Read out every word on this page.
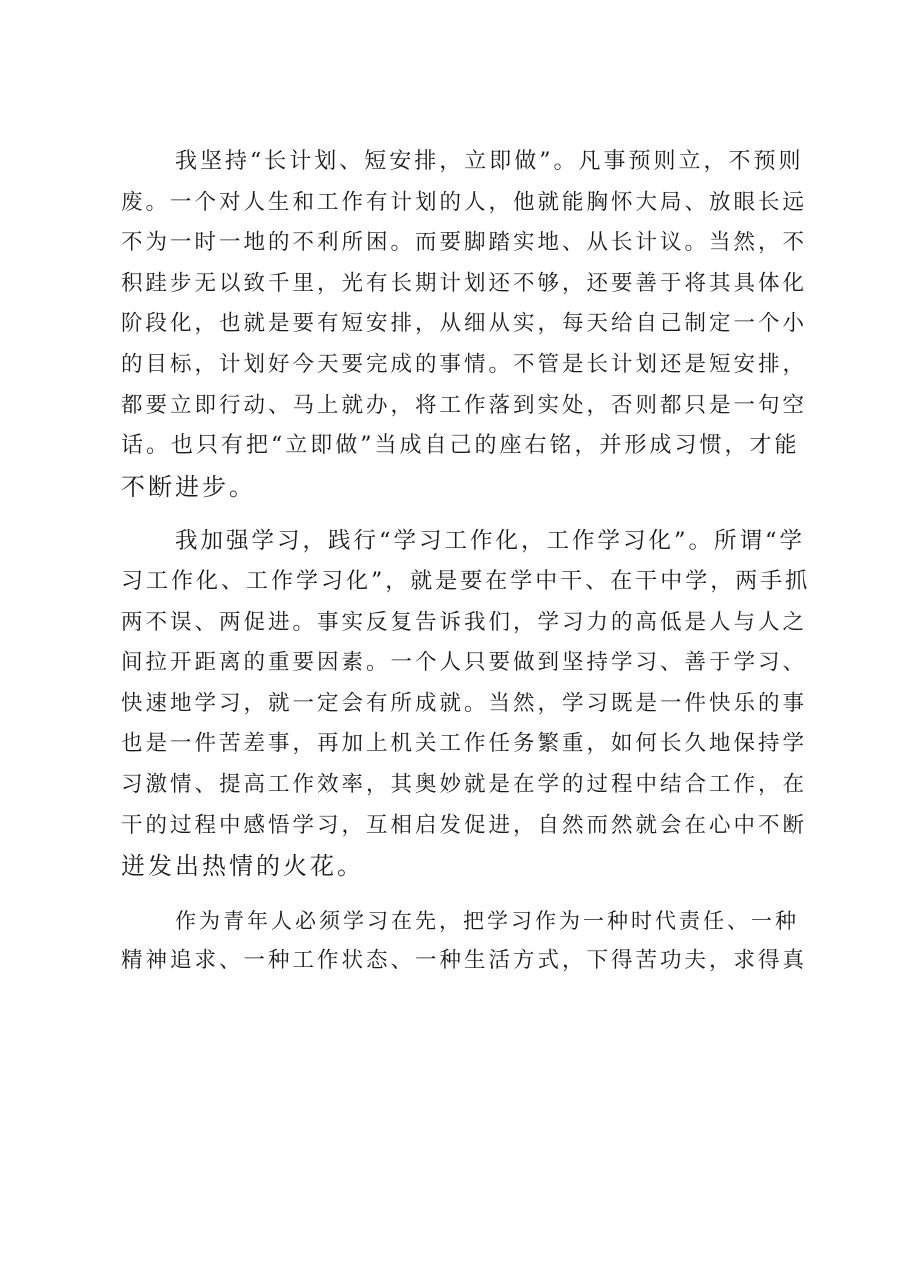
我坚持“长计划、短安排，立即做”。凡事预则立，不预则
废。一个对人生和工作有计划的人，他就能胸怀大局、放眼长远
不为一时一地的不利所困。而要脚踏实地、从长计议。当然，不
积跬步无以致千里，光有长期计划还不够，还要善于将其具体化
阶段化，也就是要有短安排，从细从实，每天给自己制定一个小
的目标，计划好今天要完成的事情。不管是长计划还是短安排，
都要立即行动、马上就办，将工作落到实处，否则都只是一句空
话。也只有把“立即做”当成自己的座右铭，并形成习惯，才能
不断进步。
我加强学习，践行“学习工作化，工作学习化”。所谓“学
习工作化、工作学习化”，就是要在学中干、在干中学，两手抓
两不误、两促进。事实反复告诉我们，学习力的高低是人与人之
间拉开距离的重要因素。一个人只要做到坚持学习、善于学习、
快速地学习，就一定会有所成就。当然，学习既是一件快乐的事
也是一件苦差事，再加上机关工作任务繁重，如何长久地保持学
习激情、提高工作效率，其奥妙就是在学的过程中结合工作，在
干的过程中感悟学习，互相启发促进，自然而然就会在心中不断
迸发出热情的火花。
作为青年人必须学习在先，把学习作为一种时代责任、一种
精神追求、一种工作状态、一种生活方式，下得苦功夫，求得真
